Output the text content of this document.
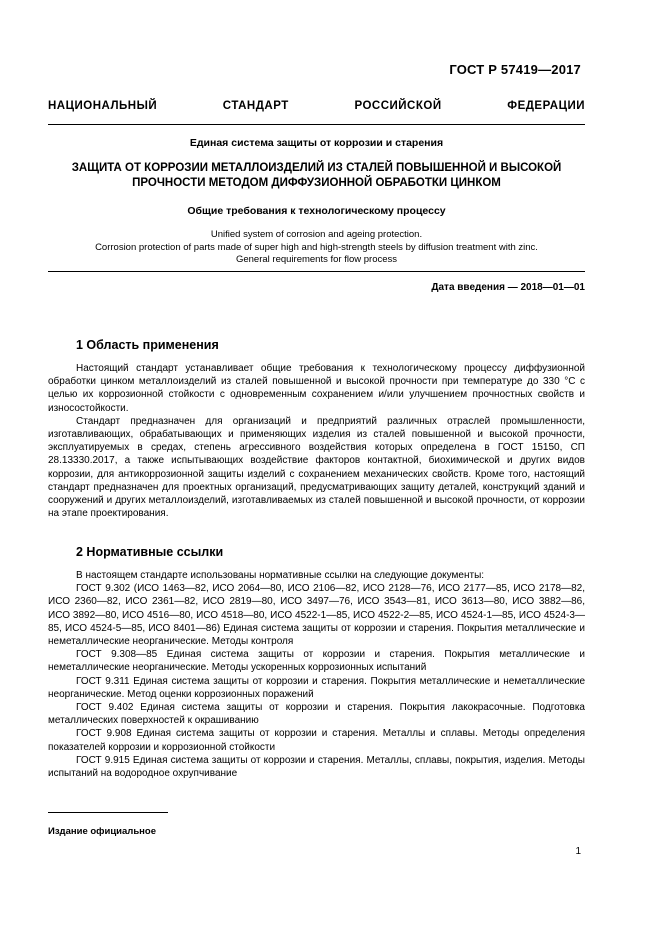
ГОСТ Р 57419—2017
НАЦИОНАЛЬНЫЙ СТАНДАРТ РОССИЙСКОЙ ФЕДЕРАЦИИ
Единая система защиты от коррозии и старения
ЗАЩИТА ОТ КОРРОЗИИ МЕТАЛЛОИЗДЕЛИЙ ИЗ СТАЛЕЙ ПОВЫШЕННОЙ И ВЫСОКОЙ
ПРОЧНОСТИ МЕТОДОМ ДИФФУЗИОННОЙ ОБРАБОТКИ ЦИНКОМ
Общие требования к технологическому процессу
Unified system of corrosion and ageing protection.
Corrosion protection of parts made of super high and high-strength steels by diffusion treatment with zinc.
General requirements for flow process
Дата введения — 2018—01—01
1 Область применения

Настоящий стандарт устанавливает общие требования к технологическому процессу диффузионной обработки цинком металлоизделий из сталей повышенной и высокой прочности при температуре до 330 °С с целью их коррозионной стойкости с одновременным сохранением и/или улучшением прочностных свойств и износостойкости.

Стандарт предназначен для организаций и предприятий различных отраслей промышленности, изготавливающих, обрабатывающих и применяющих изделия из сталей повышенной и высокой прочности, эксплуатируемых в средах, степень агрессивного воздействия которых определена в ГОСТ 15150, СП 28.13330.2017, а также испытывающих воздействие факторов контактной, биохимической и других видов коррозии, для антикоррозионной защиты изделий с сохранением механических свойств. Кроме того, настоящий стандарт предназначен для проектных организаций, предусматривающих защиту деталей, конструкций зданий и сооружений и других металлоизделий, изготавливаемых из сталей повышенной и высокой прочности, от коррозии на этапе проектирования.

2 Нормативные ссылки

В настоящем стандарте использованы нормативные ссылки на следующие документы:

ГОСТ 9.302 (ИСО 1463—82, ИСО 2064—80, ИСО 2106—82, ИСО 2128—76, ИСО 2177—85, ИСО 2178—82, ИСО 2360—82, ИСО 2361—82, ИСО 2819—80, ИСО 3497—76, ИСО 3543—81, ИСО 3613—80, ИСО 3882—86, ИСО 3892—80, ИСО 4516—80, ИСО 4518—80, ИСО 4522-1—85, ИСО 4522-2—85, ИСО 4524-1—85, ИСО 4524-3—85, ИСО 4524-5—85, ИСО 8401—86) Единая система защиты от коррозии и старения. Покрытия металлические и неметаллические неорганические. Методы контроля

ГОСТ 9.308—85 Единая система защиты от коррозии и старения. Покрытия металлические и неметаллические неорганические. Методы ускоренных коррозионных испытаний

ГОСТ 9.311 Единая система защиты от коррозии и старения. Покрытия металлические и неметаллические неорганические. Метод оценки коррозионных поражений

ГОСТ 9.402 Единая система защиты от коррозии и старения. Покрытия лакокрасочные. Подготовка металлических поверхностей к окрашиванию

ГОСТ 9.908 Единая система защиты от коррозии и старения. Металлы и сплавы. Методы определения показателей коррозии и коррозионной стойкости

ГОСТ 9.915 Единая система защиты от коррозии и старения. Металлы, сплавы, покрытия, изделия. Методы испытаний на водородное охрупчивание

Издание официальное
1
